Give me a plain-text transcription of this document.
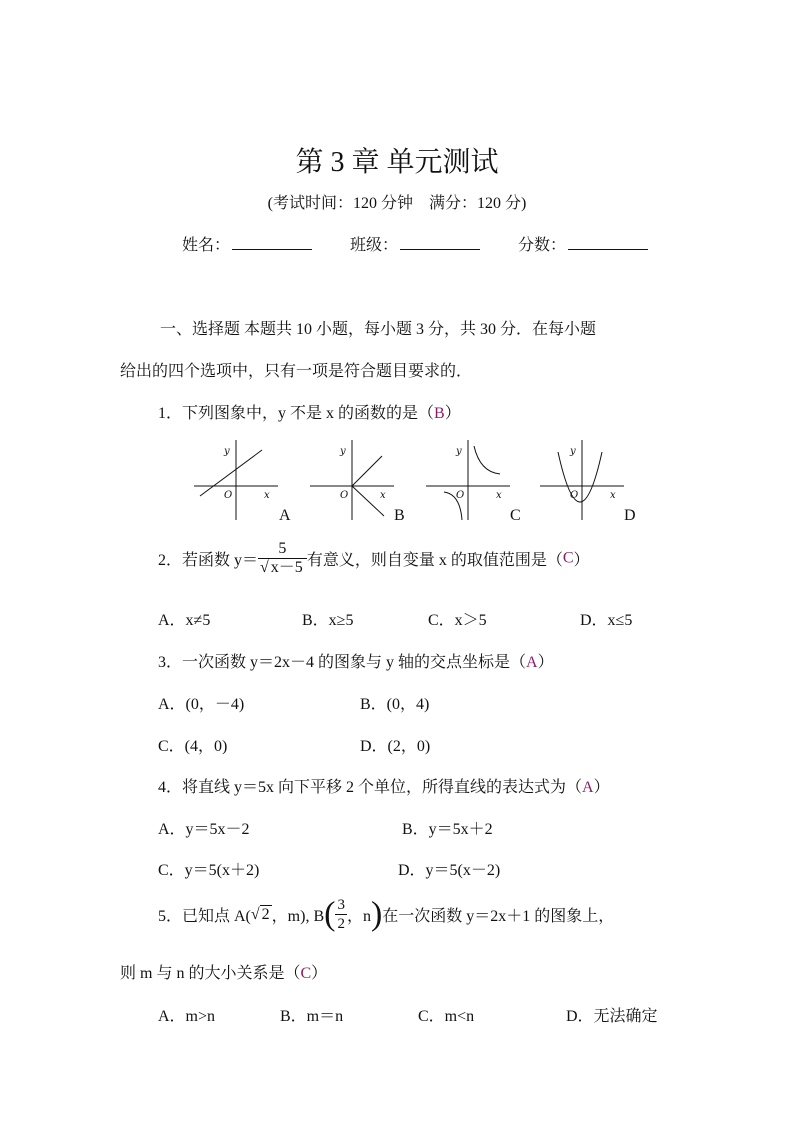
第 3 章 单元测试
(考试时间：120 分钟　满分：120 分)
姓名：	班级：	分数：
一、选择题 本题共 10 小题，每小题 3 分，共 30 分．在每小题
给出的四个选项中，只有一项是符合题目要求的．
1．下列图象中，y 不是 x 的函数的是（B）
y
x
O
y
x
O
y
x
O
y
x
O
A	B	C	D
2．若函数 $y= \frac{5}{√ x-5}$ 有意义，则自变量 x 的取值范围是（C）
A．x≠5	B．x≥5	C．x＞5	D．x≤5
3．一次函数 y＝2x－4 的图象与 y 轴的交点坐标是（A）
A．(0，－4)	B．(0，4)
C．(4，0)	D．(2，0)
4．将直线 y＝5x 向下平移 2 个单位，所得直线的表达式为（A）
A．y＝5x－2	B．y＝5x＋2
C．y＝5(x＋2)	D．y＝5(x－2)
5．已知点 A(√ 2 ，m), $B( \frac{3}{2}$ ，n)在一次函数 y＝2x＋1 的图象上，
则 m 与 n 的大小关系是（C）
A．m>n	B．m＝n	C．m<n	D．无法确定
